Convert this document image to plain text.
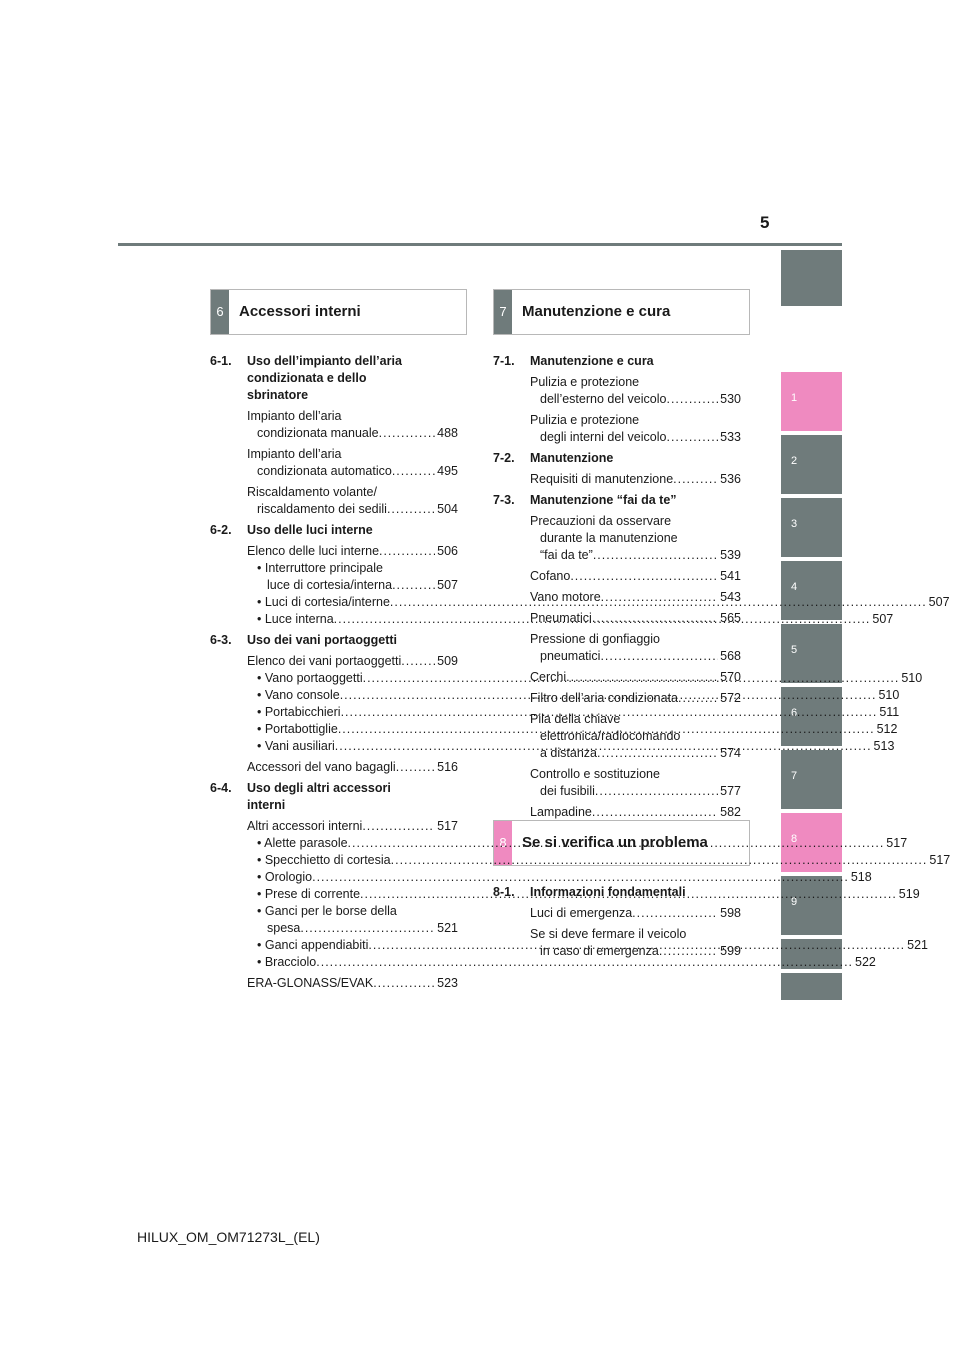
5
1
2
3
4
5
6
7
8
9
6	Accessori interni	7	Manutenzione e cura
8	Se si verifica un problema
6-1.	Uso dell’impianto dell’aria
condizionata e dello
sbrinatore
Impianto dell’aria
condizionata manuale .....	488
Impianto dell’aria
condizionata automatico .....	495
Riscaldamento volante/
riscaldamento dei sedili .....	504
6-2.	Uso delle luci interne
Elenco delle luci interne .....	506
• Interruttore principale
luce di cortesia/interna .....	507
• Luci di cortesia/interne .....	507
• Luce interna .....	507
6-3.	Uso dei vani portaoggetti
Elenco dei vani portaoggetti .....	509
• Vano portaoggetti .....	510
• Vano console .....	510
• Portabicchieri .....	511
• Portabottiglie .....	512
• Vani ausiliari .....	513
Accessori del vano bagagli .....	516
6-4.	Uso degli altri accessori
interni
Altri accessori interni .....	517
• Alette parasole .....	517
• Specchietto di cortesia .....	517
• Orologio .....	518
• Prese di corrente .....	519
• Ganci per le borse della
spesa .....	521
• Ganci appendiabiti .....	521
• Bracciolo .....	522
ERA-GLONASS/EVAK .....	523
7-1.	Manutenzione e cura
Pulizia e protezione
dell’esterno del veicolo .....	530
Pulizia e protezione
degli interni del veicolo .....	533
7-2.	Manutenzione
Requisiti di manutenzione .....	536
7-3.	Manutenzione “fai da te”
Precauzioni da osservare
durante la manutenzione
“fai da te” .....	539
Cofano .....	541
Vano motore .....	543
Pneumatici .....	565
Pressione di gonfiaggio
pneumatici .....	568
Cerchi .....	570
Filtro dell’aria condizionata .....	572
Pila della chiave
elettronica/radiocomando
a distanza .....	574
Controllo e sostituzione
dei fusibili .....	577
Lampadine .....	582
8-1.	Informazioni fondamentali
Luci di emergenza .....	598
Se si deve fermare il veicolo
in caso di emergenza .....	599
HILUX_OM_OM71273L_(EL)
